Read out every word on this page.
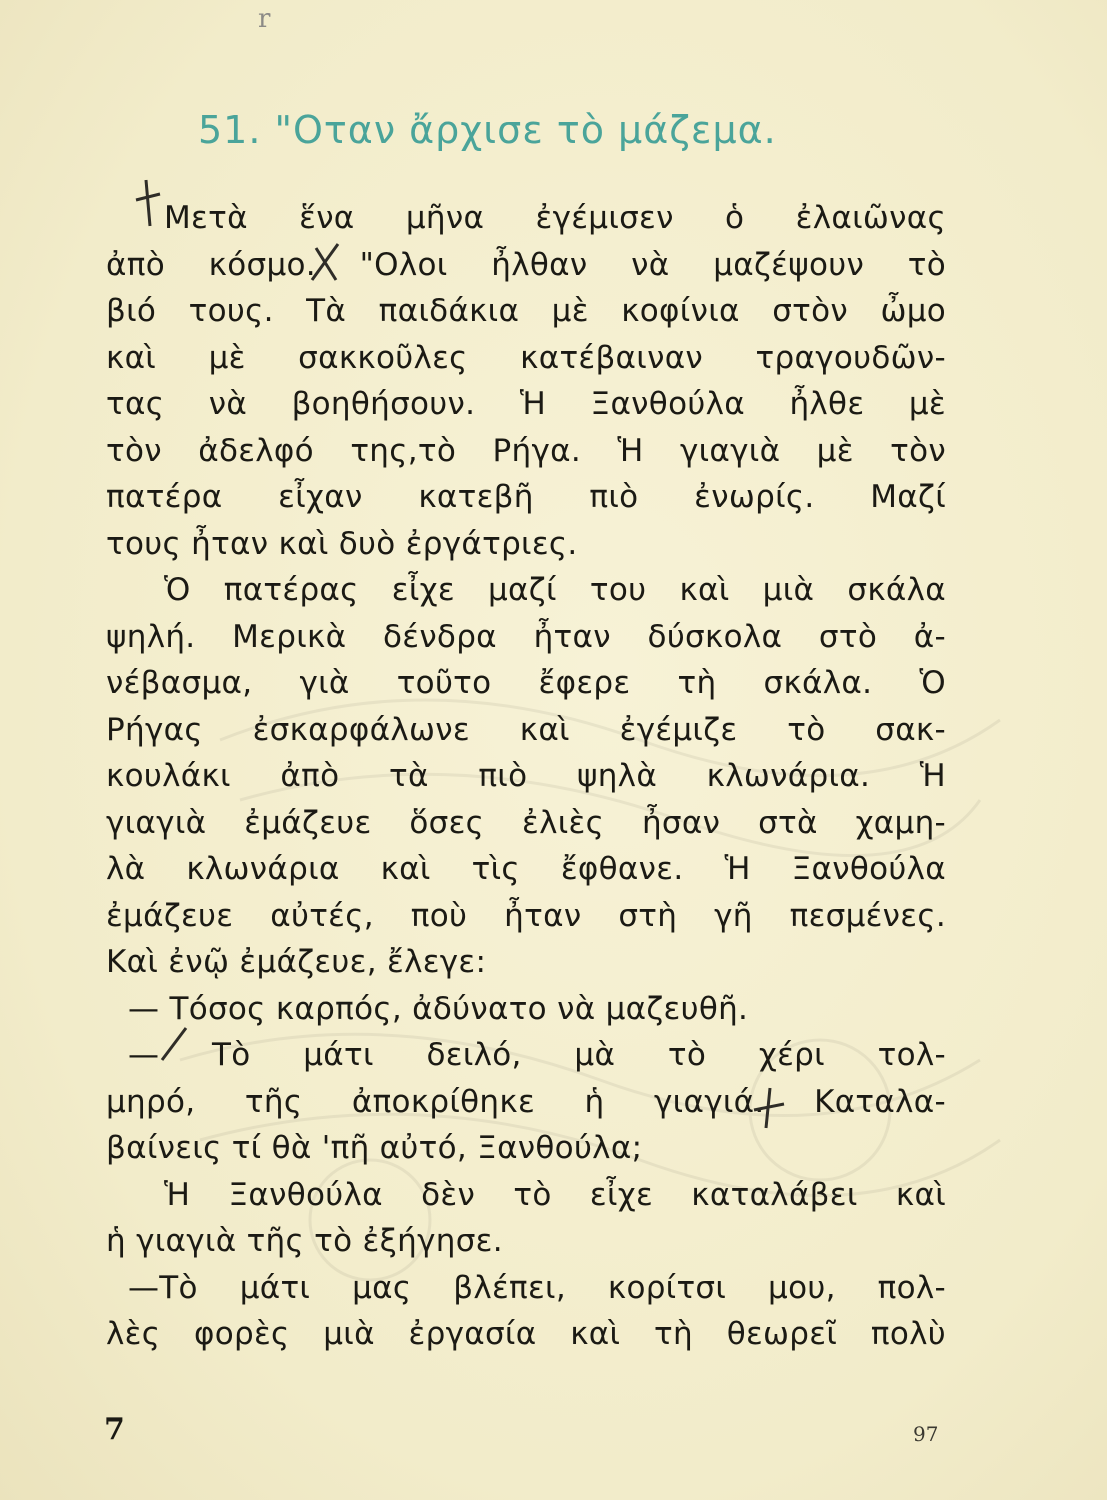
r
51. "Οταν ἄρχισε τὸ μάζεμα.
Μετὰ ἕνα μῆνα ἐγέμισεν ὁ ἐλαιῶνας
ἀπὸ κόσμο. "Ολοι ἦλθαν νὰ μαζέψουν τὸ
βιό τους. Τὰ παιδάκια μὲ κοφίνια στὸν ὦμο
καὶ μὲ σακκοῦλες κατέβαιναν τραγουδῶν-
τας νὰ βοηθήσουν. Ἡ Ξανθούλα ἦλθε μὲ
τὸν ἀδελφό της,τὸ Ρήγα. Ἡ γιαγιὰ μὲ τὸν
πατέρα εἶχαν κατεβῆ πιὸ ἐνωρίς. Μαζί
τους ἦταν καὶ δυὸ ἐργάτριες.
Ὁ πατέρας εἶχε μαζί του καὶ μιὰ σκάλα
ψηλή. Μερικὰ δένδρα ἦταν δύσκολα στὸ ἀ-
νέβασμα, γιὰ τοῦτο ἔφερε τὴ σκάλα. Ὁ
Ρήγας ἐσκαρφάλωνε καὶ ἐγέμιζε τὸ σακ-
κουλάκι ἀπὸ τὰ πιὸ ψηλὰ κλωνάρια. Ἡ
γιαγιὰ ἐμάζευε ὅσες ἐλιὲς ἦσαν στὰ χαμη-
λὰ κλωνάρια καὶ τὶς ἔφθανε. Ἡ Ξανθούλα
ἐμάζευε αὐτές, ποὺ ἦταν στὴ γῆ πεσμένες.
Καὶ ἐνῷ ἐμάζευε, ἔλεγε:
— Τόσος καρπός, ἀδύνατο νὰ μαζευθῆ.
— Τὸ μάτι δειλό, μὰ τὸ χέρι τολ-
μηρό, τῆς ἀποκρίθηκε ἡ γιαγιά. Καταλα-
βαίνεις τί θὰ 'πῆ αὐτό, Ξανθούλα;
Ἡ Ξανθούλα δὲν τὸ εἶχε καταλάβει καὶ
ἡ γιαγιὰ τῆς τὸ ἐξήγησε.
—Τὸ μάτι μας βλέπει, κορίτσι μου, πολ-
λὲς φορὲς μιὰ ἐργασία καὶ τὴ θεωρεῖ πολὺ
7	97
